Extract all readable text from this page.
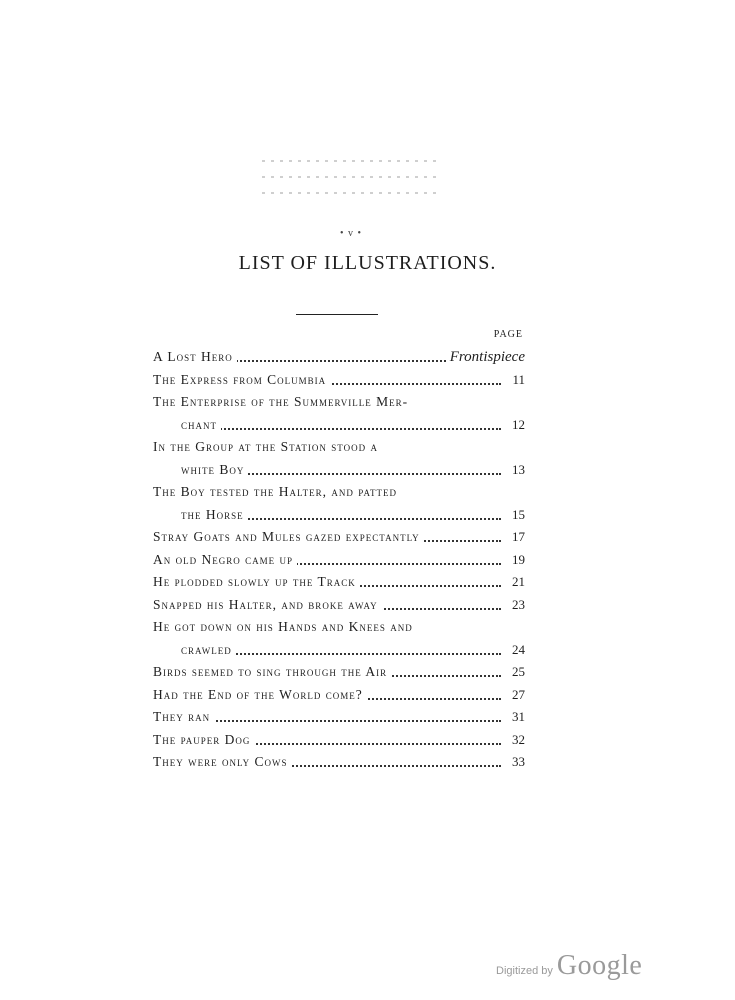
• v •
LIST OF ILLUSTRATIONS.
PAGE
A Lost Hero	Frontispiece
The Express from Columbia	11
The Enterprise of the Summerville Mer-
chant	12
In the Group at the Station stood a
white Boy	13
The Boy tested the Halter, and patted
the Horse	15
Stray Goats and Mules gazed expectantly	17
An old Negro came up	19
He plodded slowly up the Track	21
Snapped his Halter, and broke away	23
He got down on his Hands and Knees and
crawled	24
Birds seemed to sing through the Air	25
Had the End of the World come?	27
They ran	31
The pauper Dog	32
They were only Cows	33
Digitized by Google
